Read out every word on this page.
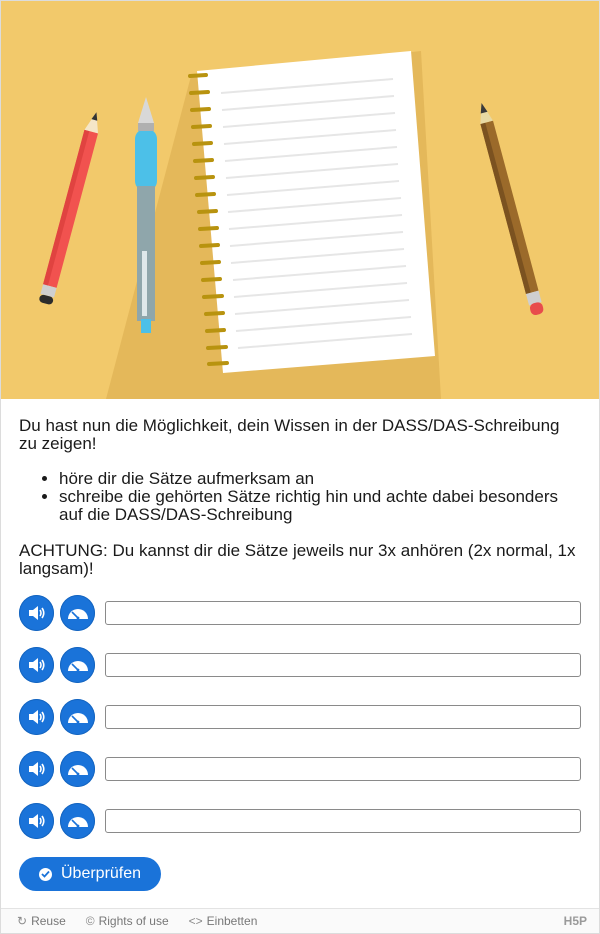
Du hast nun die Möglichkeit, dein Wissen in der DASS/DAS-Schreibung zu zeigen!

• höre dir die Sätze aufmerksam an
• schreibe die gehörten Sätze richtig hin und achte dabei besonders auf die DASS/DAS-Schreibung

ACHTUNG: Du kannst dir die Sätze jeweils nur 3x anhören (2x normal, 1x langsam)!

Überprüfen
↻ Reuse © Rights of use <> Einbetten	H5P
